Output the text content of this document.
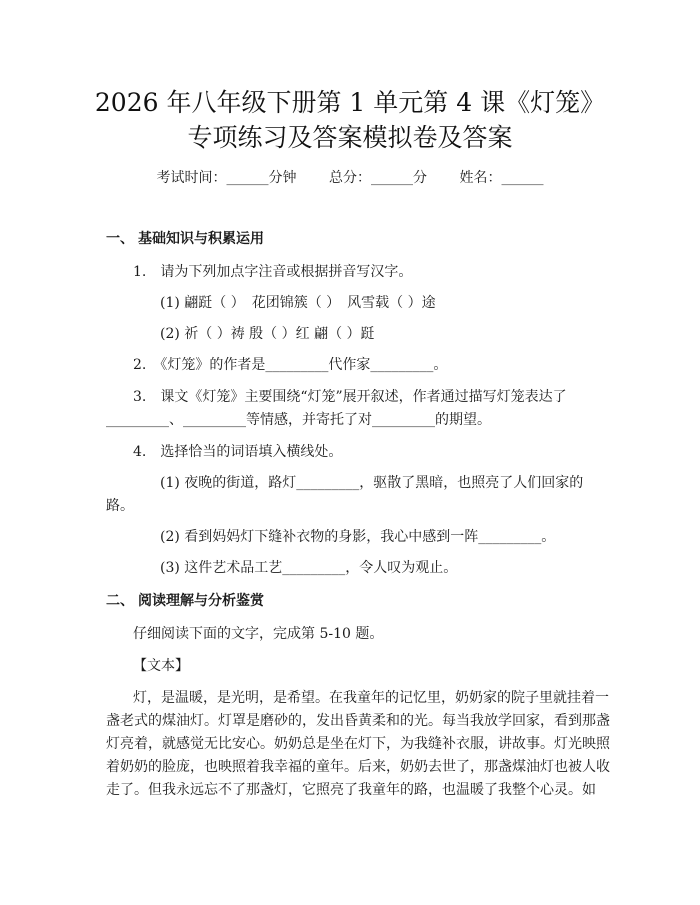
2026 年八年级下册第 1 单元第 4 课《灯笼》
专项练习及答案模拟卷及答案
考试时间：______分钟 总分：______分 姓名：______
一、 基础知识与积累运用
1.　请为下列加点字注音或根据拼音写汉字。
(1) 翩跹（ ）　花团锦簇（ ）　风雪载（ ）途
(2) 祈（ ）祷 殷（ ）红 翩（ ）跹
2.　《灯笼》的作者是_________代作家_________。
3.　课文《灯笼》主要围绕“灯笼”展开叙述，作者通过描写灯笼表达了
_________、_________等情感，并寄托了对_________的期望。
4.　选择恰当的词语填入横线处。
(1) 夜晚的街道，路灯_________，驱散了黑暗，也照亮了人们回家的
路。
(2) 看到妈妈灯下缝补衣物的身影，我心中感到一阵_________。
(3) 这件艺术品工艺_________，令人叹为观止。
二、 阅读理解与分析鉴赏
仔细阅读下面的文字，完成第 5-10 题。
【文本】
灯，是温暖，是光明，是希望。在我童年的记忆里，奶奶家的院子里就挂着一
盏老式的煤油灯。灯罩是磨砂的，发出昏黄柔和的光。每当我放学回家，看到那盏
灯亮着，就感觉无比安心。奶奶总是坐在灯下，为我缝补衣服，讲故事。灯光映照
着奶奶的脸庞，也映照着我幸福的童年。后来，奶奶去世了，那盏煤油灯也被人收
走了。但我永远忘不了那盏灯，它照亮了我童年的路，也温暖了我整个心灵。如
